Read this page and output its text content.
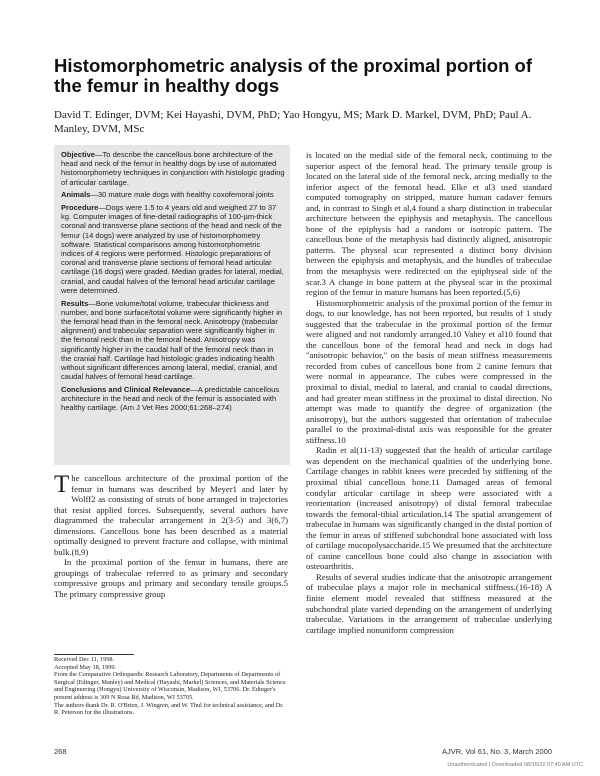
Histomorphometric analysis of the proximal portion of the femur in healthy dogs
David T. Edinger, DVM; Kei Hayashi, DVM, PhD; Yao Hongyu, MS; Mark D. Markel, DVM, PhD; Paul A. Manley, DVM, MSc

Objective—To describe the cancellous bone architecture of the head and neck of the femur in healthy dogs by use of automated histomorphometry techniques in conjunction with histologic grading of articular cartilage.

Animals—30 mature male dogs with healthy coxofemoral joints

Procedure—Dogs were 1.5 to 4 years old and weighed 27 to 37 kg. Computer images of fine-detail radiographs of 100-µm-thick coronal and transverse plane sections of the head and neck of the femur (14 dogs) were analyzed by use of histomorphometry software. Statistical comparisons among histomorphometric indices of 4 regions were performed. Histologic preparations of coronal and transverse plane sections of femoral head articular cartilage (16 dogs) were graded. Median grades for lateral, medial, cranial, and caudal halves of the femoral head articular cartilage were determined.

Results—Bone volume/total volume, trabecular thickness and number, and bone surface/total volume were significantly higher in the femoral head than in the femoral neck. Anisotropy (trabecular alignment) and trabecular separation were significantly higher in the femoral neck than in the femoral head. Anisotropy was significantly higher in the caudal half of the femoral neck than in the cranial half. Cartilage had histologic grades indicating health without significant differences among lateral, medial, cranial, and caudal halves of femoral head cartilage.

Conclusions and Clinical Relevance—A predictable cancellous architecture in the head and neck of the femur is associated with healthy cartilage. (Am J Vet Res 2000;61:268–274)

The cancellous architecture of the proximal portion of the femur in humans was described by Meyer1 and later by Wolff2 as consisting of struts of bone arranged in trajectories that resist applied forces. Subsequently, several authors have diagrammed the trabecular arrangement in 2(3-5) and 3(6,7) dimensions. Cancellous bone has been described as a material optimally designed to prevent fracture and collapse, with minimal bulk.(8,9)

In the proximal portion of the femur in humans, there are groupings of trabeculae referred to as primary and secondary compressive groups and primary and secondary tensile groups.5 The primary compressive group

Received Dec 11, 1998.

Accepted May 18, 1999.

From the Comparative Orthopaedic Research Laboratory, Departments of Departments of Surgical (Edinger, Manley) and Medical (Hayashi, Markel) Sciences, and Materials Science and Engineering (Hongyu) University of Wisconsin, Madison, WI, 53706. Dr. Edinger's present address is 309 N Rosa Rd, Madison, WI 53705.

The authors thank Dr. R. O'Brien, J. Wingren, and W. Thul for technical assistance, and Dr. R. Peterson for the illustrations.

is located on the medial side of the femoral neck, continuing to the superior aspect of the femoral head. The primary tensile group is located on the lateral side of the femoral neck, arcing medially to the inferior aspect of the femoral head. Elke et al3 used standard computed tomography on stripped, mature human cadaver femurs and, in contrast to Singh et al,4 found a sharp distinction in trabecular architecture between the epiphysis and metaphysis. The cancellous bone of the epiphysis had a random or isotropic pattern. The cancellous bone of the metaphysis had distinctly aligned, anisotropic patterns. The physeal scar represented a distinct bony division between the epiphysis and metaphysis, and the bundles of trabeculae from the metaphysis were redirected on the epiphyseal side of the scar.3 A change in bone pattern at the physeal scar in the proximal region of the femur in mature humans has been reported.(5,6)

Histomorphometric analysis of the proximal portion of the femur in dogs, to our knowledge, has not been reported, but results of 1 study suggested that the trabeculae in the proximal portion of the femur were aligned and not randomly arranged.10 Vahey et al10 found that the cancellous bone of the femoral head and neck in dogs had "anisotropic behavior," on the basis of mean stiffness measurements recorded from cubes of cancellous bone from 2 canine femurs that were normal in appearance. The cubes were compressed in the proximal to distal, medial to lateral, and cranial to caudal directions, and had greater mean stiffness in the proximal to distal direction. No attempt was made to quantify the degree of organization (the anisotropy), but the authors suggested that orientation of trabeculae parallel to the proximal-distal axis was responsible for the greater stiffness.10

Radin et al(11-13) suggested that the health of articular cartilage was dependent on the mechanical qualities of the underlying bone. Cartilage changes in rabbit knees were preceded by stiffening of the proximal tibial cancellous bone.11 Damaged areas of femoral condylar articular cartilage in sheep were associated with a reorientation (increased anisotropy) of distal femoral trabeculae towards the femoral-tibial articulation.14 The spatial arrangement of trabeculae in humans was significantly changed in the distal portion of the femur in areas of stiffened subchondral bone associated with loss of cartilage mucopolysaccharide.15 We presumed that the architecture of canine cancellous bone could also change in association with osteoarthritis.

Results of several studies indicate that the anisotropic arrangement of trabeculae plays a major role in mechanical stiffness.(16-18) A finite element model revealed that stiffness measured at the subchondral plate varied depending on the arrangement of underlying trabeculae. Variations in the arrangement of trabeculae underlying cartilage implied nonuniform compression

268	AJVR, Vol 61, No. 3, March 2000
Unauthenticated | Downloaded 08/15/22 07:40 AM UTC
